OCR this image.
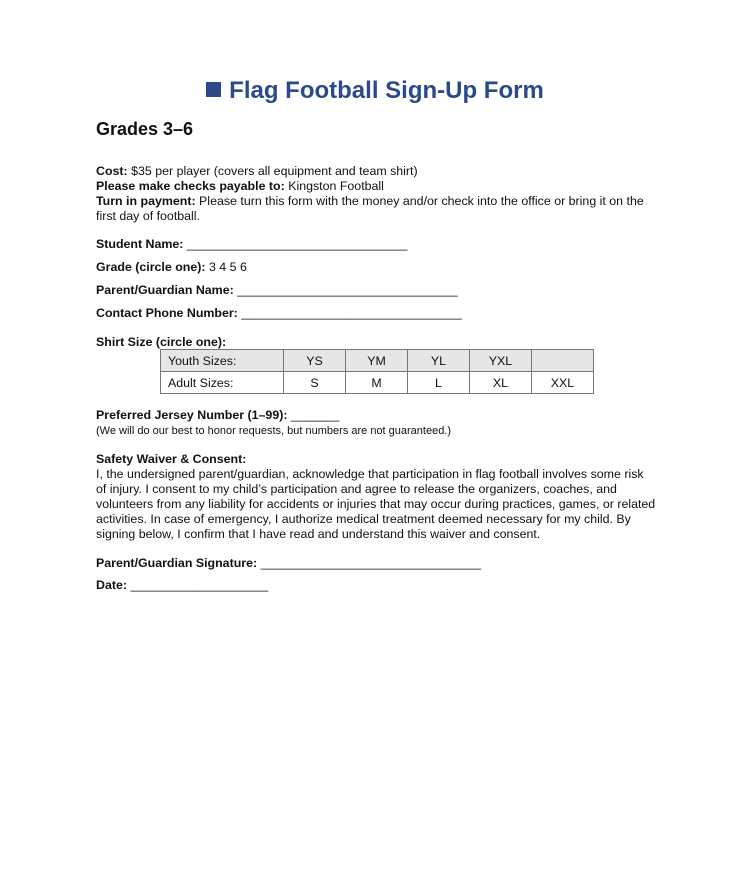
Flag Football Sign-Up Form
Grades 3–6
Cost: $35 per player (covers all equipment and team shirt)
Please make checks payable to: Kingston Football
Turn in payment: Please turn this form with the money and/or check into the office or bring it on the first day of football.
Student Name: ________________________________
Grade (circle one): 3 4 5 6
Parent/Guardian Name: ________________________________
Contact Phone Number: ________________________________
Shirt Size (circle one):
Youth Sizes:	YS	YM	YL	YXL	
Adult Sizes:	S	M	L	XL	XXL
Preferred Jersey Number (1–99): _______
(We will do our best to honor requests, but numbers are not guaranteed.)
Safety Waiver & Consent:
I, the undersigned parent/guardian, acknowledge that participation in flag football involves some risk of injury. I consent to my child’s participation and agree to release the organizers, coaches, and volunteers from any liability for accidents or injuries that may occur during practices, games, or related activities. In case of emergency, I authorize medical treatment deemed necessary for my child. By signing below, I confirm that I have read and understand this waiver and consent.
Parent/Guardian Signature: ________________________________
Date: ____________________
